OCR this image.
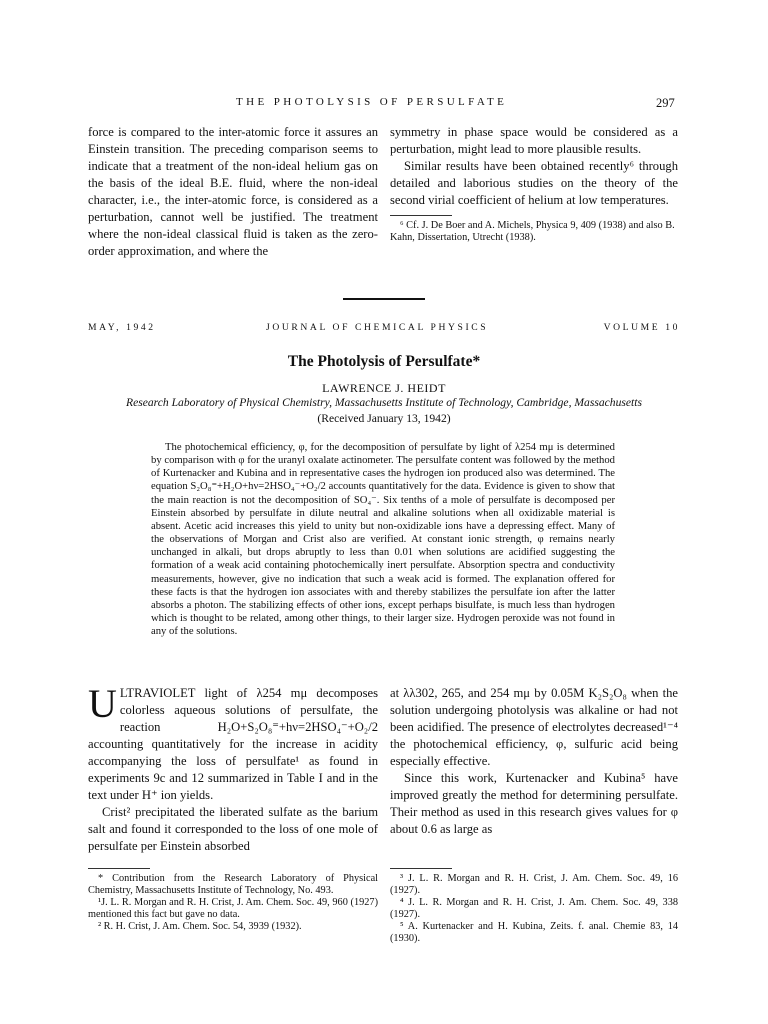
THE PHOTOLYSIS OF PERSULFATE	297

force is compared to the inter-atomic force it assures an Einstein transition. The preceding comparison seems to indicate that a treatment of the non-ideal helium gas on the basis of the ideal B.E. fluid, where the non-ideal character, i.e., the inter-atomic force, is considered as a perturbation, cannot well be justified. The treatment where the non-ideal classical fluid is taken as the zero-order approximation, and where the

symmetry in phase space would be considered as a perturbation, might lead to more plausible results.

Similar results have been obtained recently⁶ through detailed and laborious studies on the theory of the second virial coefficient of helium at low temperatures.

⁶ Cf. J. De Boer and A. Michels, Physica 9, 409 (1938) and also B. Kahn, Dissertation, Utrecht (1938).

MAY, 1942	JOURNAL OF CHEMICAL PHYSICS	VOLUME 10
The Photolysis of Persulfate*
LAWRENCE J. HEIDT
Research Laboratory of Physical Chemistry, Massachusetts Institute of Technology, Cambridge, Massachusetts
(Received January 13, 1942)

The photochemical efficiency, φ, for the decomposition of persulfate by light of λ254 mμ is determined by comparison with φ for the uranyl oxalate actinometer. The persulfate content was followed by the method of Kurtenacker and Kubina and in representative cases the hydrogen ion produced also was determined. The equation S₂O₈⁼+H₂O+hν=2HSO₄⁻+O₂/2 accounts quantitatively for the data. Evidence is given to show that the main reaction is not the decomposition of SO₄⁻. Six tenths of a mole of persulfate is decomposed per Einstein absorbed by persulfate in dilute neutral and alkaline solutions when all oxidizable material is absent. Acetic acid increases this yield to unity but non-oxidizable ions have a depressing effect. Many of the observations of Morgan and Crist also are verified. At constant ionic strength, φ remains nearly unchanged in alkali, but drops abruptly to less than 0.01 when solutions are acidified suggesting the formation of a weak acid containing photochemically inert persulfate. Absorption spectra and conductivity measurements, however, give no indication that such a weak acid is formed. The explanation offered for these facts is that the hydrogen ion associates with and thereby stabilizes the persulfate ion after the latter absorbs a photon. The stabilizing effects of other ions, except perhaps bisulfate, is much less than hydrogen which is thought to be related, among other things, to their larger size. Hydrogen peroxide was not found in any of the solutions.

ULTRAVIOLET light of λ254 mμ decomposes colorless aqueous solutions of persulfate, the reaction H₂O+S₂O₈⁼+hν=2HSO₄⁻+O₂/2 accounting quantitatively for the increase in acidity accompanying the loss of persulfate¹ as found in experiments 9c and 12 summarized in Table I and in the text under H⁺ ion yields.

Crist² precipitated the liberated sulfate as the barium salt and found it corresponded to the loss of one mole of persulfate per Einstein absorbed

at λλ302, 265, and 254 mμ by 0.05M K₂S₂O₈ when the solution undergoing photolysis was alkaline or had not been acidified. The presence of electrolytes decreased¹⁻⁴ the photochemical efficiency, φ, sulfuric acid being especially effective.

Since this work, Kurtenacker and Kubina⁵ have improved greatly the method for determining persulfate. Their method as used in this research gives values for φ about 0.6 as large as

* Contribution from the Research Laboratory of Physical Chemistry, Massachusetts Institute of Technology, No. 493.

¹J. L. R. Morgan and R. H. Crist, J. Am. Chem. Soc. 49, 960 (1927) mentioned this fact but gave no data.

² R. H. Crist, J. Am. Chem. Soc. 54, 3939 (1932).

³ J. L. R. Morgan and R. H. Crist, J. Am. Chem. Soc. 49, 16 (1927).

⁴ J. L. R. Morgan and R. H. Crist, J. Am. Chem. Soc. 49, 338 (1927).

⁵ A. Kurtenacker and H. Kubina, Zeits. f. anal. Chemie 83, 14 (1930).
